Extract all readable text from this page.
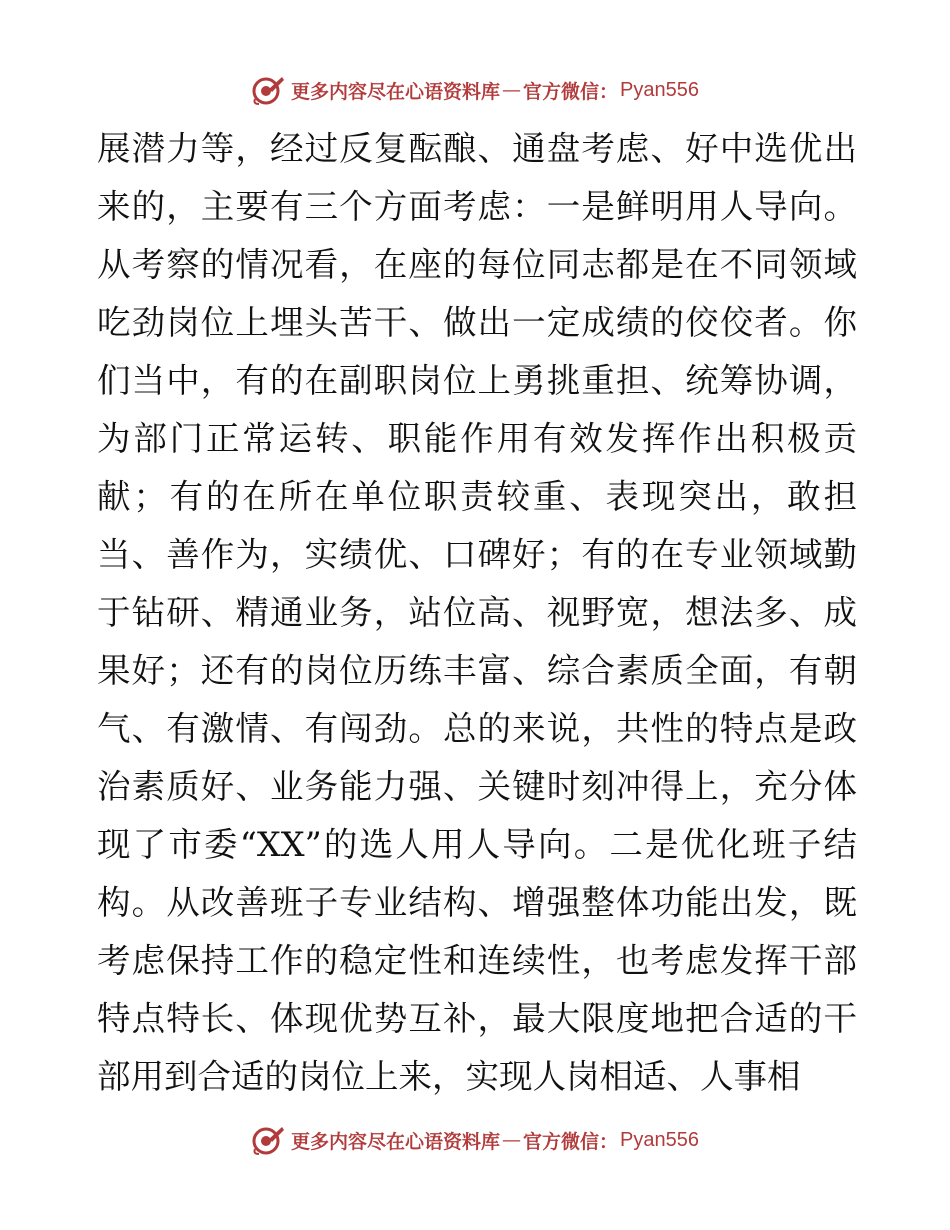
更多内容尽在心语资料库 — 官方微信： Pyan556
展潜力等，经过反复酝酿、通盘考虑、好中选优出
来的，主要有三个方面考虑：一是鲜明用人导向。
从考察的情况看，在座的每位同志都是在不同领域
吃劲岗位上埋头苦干、做出一定成绩的佼佼者。你
们当中，有的在副职岗位上勇挑重担、统筹协调，
为部门正常运转、职能作用有效发挥作出积极贡
献；有的在所在单位职责较重、表现突出，敢担
当、善作为，实绩优、口碑好；有的在专业领域勤
于钻研、精通业务，站位高、视野宽，想法多、成
果好；还有的岗位历练丰富、综合素质全面，有朝
气、有激情、有闯劲。总的来说，共性的特点是政
治素质好、业务能力强、关键时刻冲得上，充分体
现了市委“XX”的选人用人导向。二是优化班子结
构。从改善班子专业结构、增强整体功能出发，既
考虑保持工作的稳定性和连续性，也考虑发挥干部
特点特长、体现优势互补，最大限度地把合适的干
部用到合适的岗位上来，实现人岗相适、人事相
更多内容尽在心语资料库 — 官方微信： Pyan556
